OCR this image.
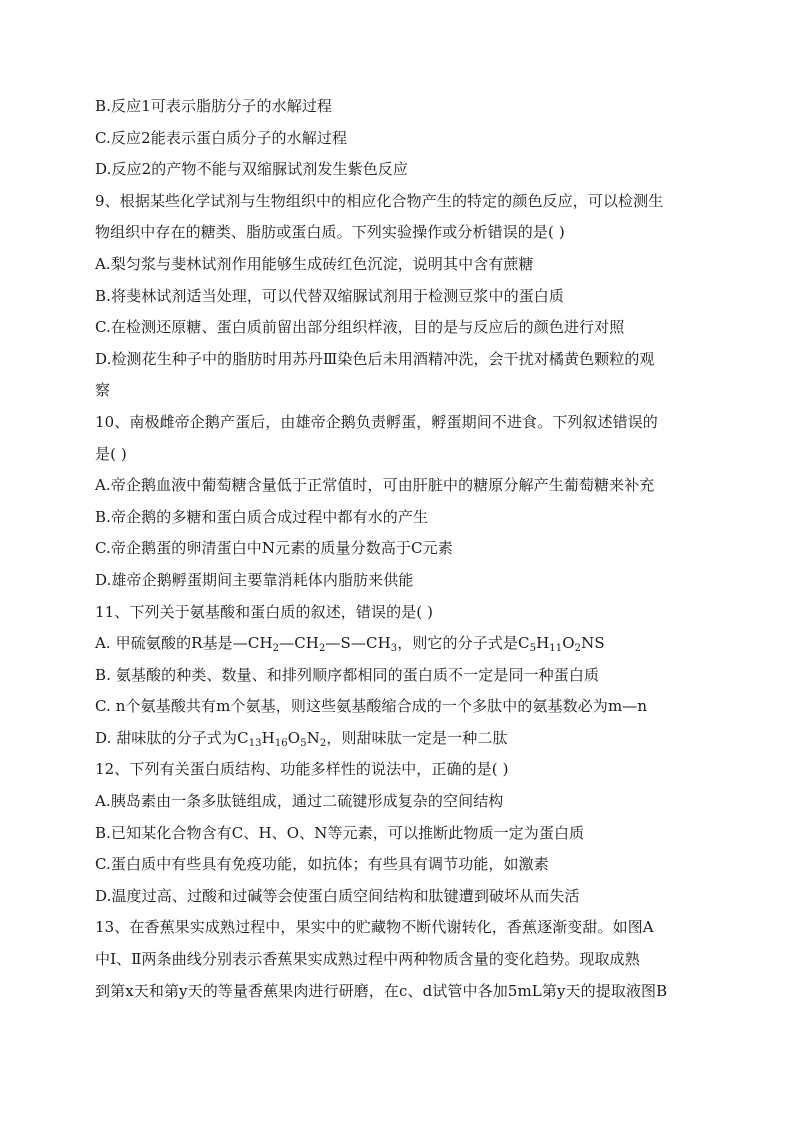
B.反应1可表示脂肪分子的水解过程
C.反应2能表示蛋白质分子的水解过程
D.反应2的产物不能与双缩脲试剂发生紫色反应
9、根据某些化学试剂与生物组织中的相应化合物产生的特定的颜色反应，可以检测生
物组织中存在的糖类、脂肪或蛋白质。下列实验操作或分析错误的是( )
A.梨匀浆与斐林试剂作用能够生成砖红色沉淀，说明其中含有蔗糖
B.将斐林试剂适当处理，可以代替双缩脲试剂用于检测豆浆中的蛋白质
C.在检测还原糖、蛋白质前留出部分组织样液，目的是与反应后的颜色进行对照
D.检测花生种子中的脂肪时用苏丹Ⅲ染色后未用酒精冲洗，会干扰对橘黄色颗粒的观
察
10、南极雌帝企鹅产蛋后，由雄帝企鹅负责孵蛋，孵蛋期间不进食。下列叙述错误的
是( )
A.帝企鹅血液中葡萄糖含量低于正常值时，可由肝脏中的糖原分解产生葡萄糖来补充
B.帝企鹅的多糖和蛋白质合成过程中都有水的产生
C.帝企鹅蛋的卵清蛋白中N元素的质量分数高于C元素
D.雄帝企鹅孵蛋期间主要靠消耗体内脂肪来供能
11、下列关于氨基酸和蛋白质的叙述，错误的是( )
A. 甲硫氨酸的R基是$—CH_2—CH_2—S—CH_3$，则它的分子式是$C_5H_{11}O_2NS$
B. 氨基酸的种类、数量、和排列顺序都相同的蛋白质不一定是同一种蛋白质
C. n个氨基酸共有m个氨基，则这些氨基酸缩合成的一个多肽中的氨基数必为m—n
D. 甜味肽的分子式为$C_{13}H_{16}O_5N_2$，则甜味肽一定是一种二肽
12、下列有关蛋白质结构、功能多样性的说法中，正确的是( )
A.胰岛素由一条多肽链组成，通过二硫键形成复杂的空间结构
B.已知某化合物含有C、H、O、N等元素，可以推断此物质一定为蛋白质
C.蛋白质中有些具有免疫功能，如抗体；有些具有调节功能，如激素
D.温度过高、过酸和过碱等会使蛋白质空间结构和肽键遭到破坏从而失活
13、在香蕉果实成熟过程中，果实中的贮藏物不断代谢转化，香蕉逐渐变甜。如图A
中Ⅰ、Ⅱ两条曲线分别表示香蕉果实成熟过程中两种物质含量的变化趋势。现取成熟
到第x天和第y天的等量香蕉果肉进行研磨，在c、d试管中各加5mL第y天的提取液图B
